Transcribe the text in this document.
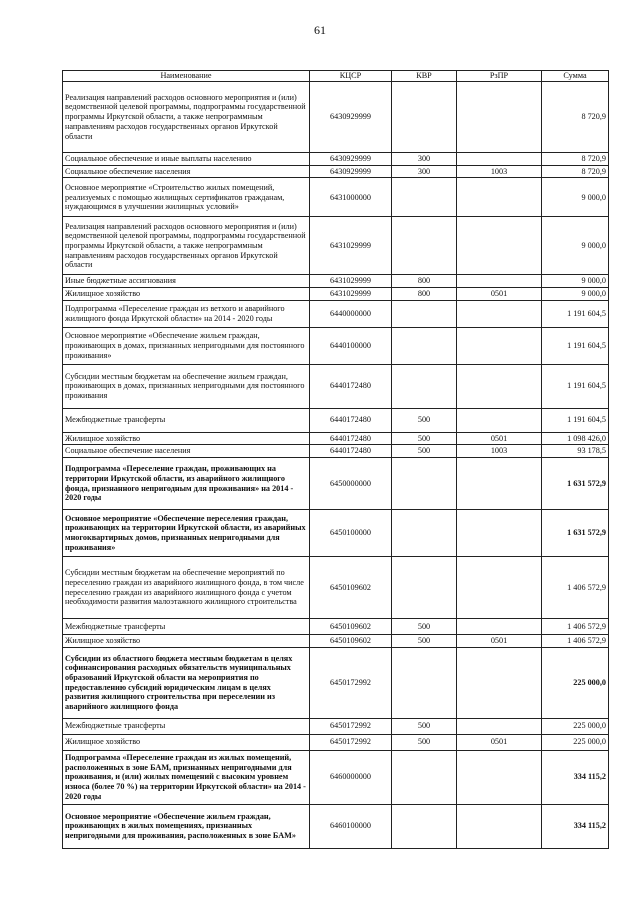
61
Наименование	КЦСР	КВР	РзПР	Сумма
Реализация направлений расходов основного мероприятия и (или) ведомственной целевой программы, подпрограммы государственной программы Иркутской области, а также непрограммным направлениям расходов государственных органов Иркутской области	6430929999			8 720,9
Социальное обеспечение и иные выплаты населению	6430929999	300		8 720,9
Социальное обеспечение населения	6430929999	300	1003	8 720,9
Основное мероприятие «Строительство жилых помещений, реализуемых с помощью жилищных сертификатов гражданам, нуждающимся в улучшении жилищных условий»	6431000000			9 000,0
Реализация направлений расходов основного мероприятия и (или) ведомственной целевой программы, подпрограммы государственной программы Иркутской области, а также непрограммным направлениям расходов государственных органов Иркутской области	6431029999			9 000,0
Иные бюджетные ассигнования	6431029999	800		9 000,0
Жилищное хозяйство	6431029999	800	0501	9 000,0
Подпрограмма «Переселение граждан из ветхого и аварийного жилищного фонда Иркутской области» на 2014 - 2020 годы	6440000000			1 191 604,5
Основное мероприятие «Обеспечение жильем граждан, проживающих в домах, признанных непригодными для постоянного проживания»	6440100000			1 191 604,5
Субсидии местным бюджетам на обеспечение жильем граждан, проживающих в домах, признанных непригодными для постоянного проживания	6440172480			1 191 604,5
Межбюджетные трансферты	6440172480	500		1 191 604,5
Жилищное хозяйство	6440172480	500	0501	1 098 426,0
Социальное обеспечение населения	6440172480	500	1003	93 178,5
Подпрограмма «Переселение граждан, проживающих на территории Иркутской области, из аварийного жилищного фонда, признанного непригодным для проживания» на 2014 - 2020 годы	6450000000			1 631 572,9
Основное мероприятие «Обеспечение переселения граждан, проживающих на территории Иркутской области, из аварийных многоквартирных домов, признанных непригодными для проживания»	6450100000			1 631 572,9
Субсидии местным бюджетам на обеспечение мероприятий по переселению граждан из аварийного жилищного фонда, в том числе переселению граждан из аварийного жилищного фонда с учетом необходимости развития малоэтажного жилищного строительства	6450109602			1 406 572,9
Межбюджетные трансферты	6450109602	500		1 406 572,9
Жилищное хозяйство	6450109602	500	0501	1 406 572,9
Субсидии из областного бюджета местным бюджетам в целях софинансирования расходных обязательств муниципальных образований Иркутской области на мероприятия по предоставлению субсидий юридическим лицам в целях развития жилищного строительства при переселении из аварийного жилищного фонда	6450172992			225 000,0
Межбюджетные трансферты	6450172992	500		225 000,0
Жилищное хозяйство	6450172992	500	0501	225 000,0
Подпрограмма «Переселение граждан из жилых помещений, расположенных в зоне БАМ, признанных непригодными для проживания, и (или) жилых помещений с высоким уровнем износа (более 70 %) на территории Иркутской области» на 2014 - 2020 годы	6460000000			334 115,2
Основное мероприятие «Обеспечение жильем граждан, проживающих в жилых помещениях, признанных непригодными для проживания, расположенных в зоне БАМ»	6460100000			334 115,2
